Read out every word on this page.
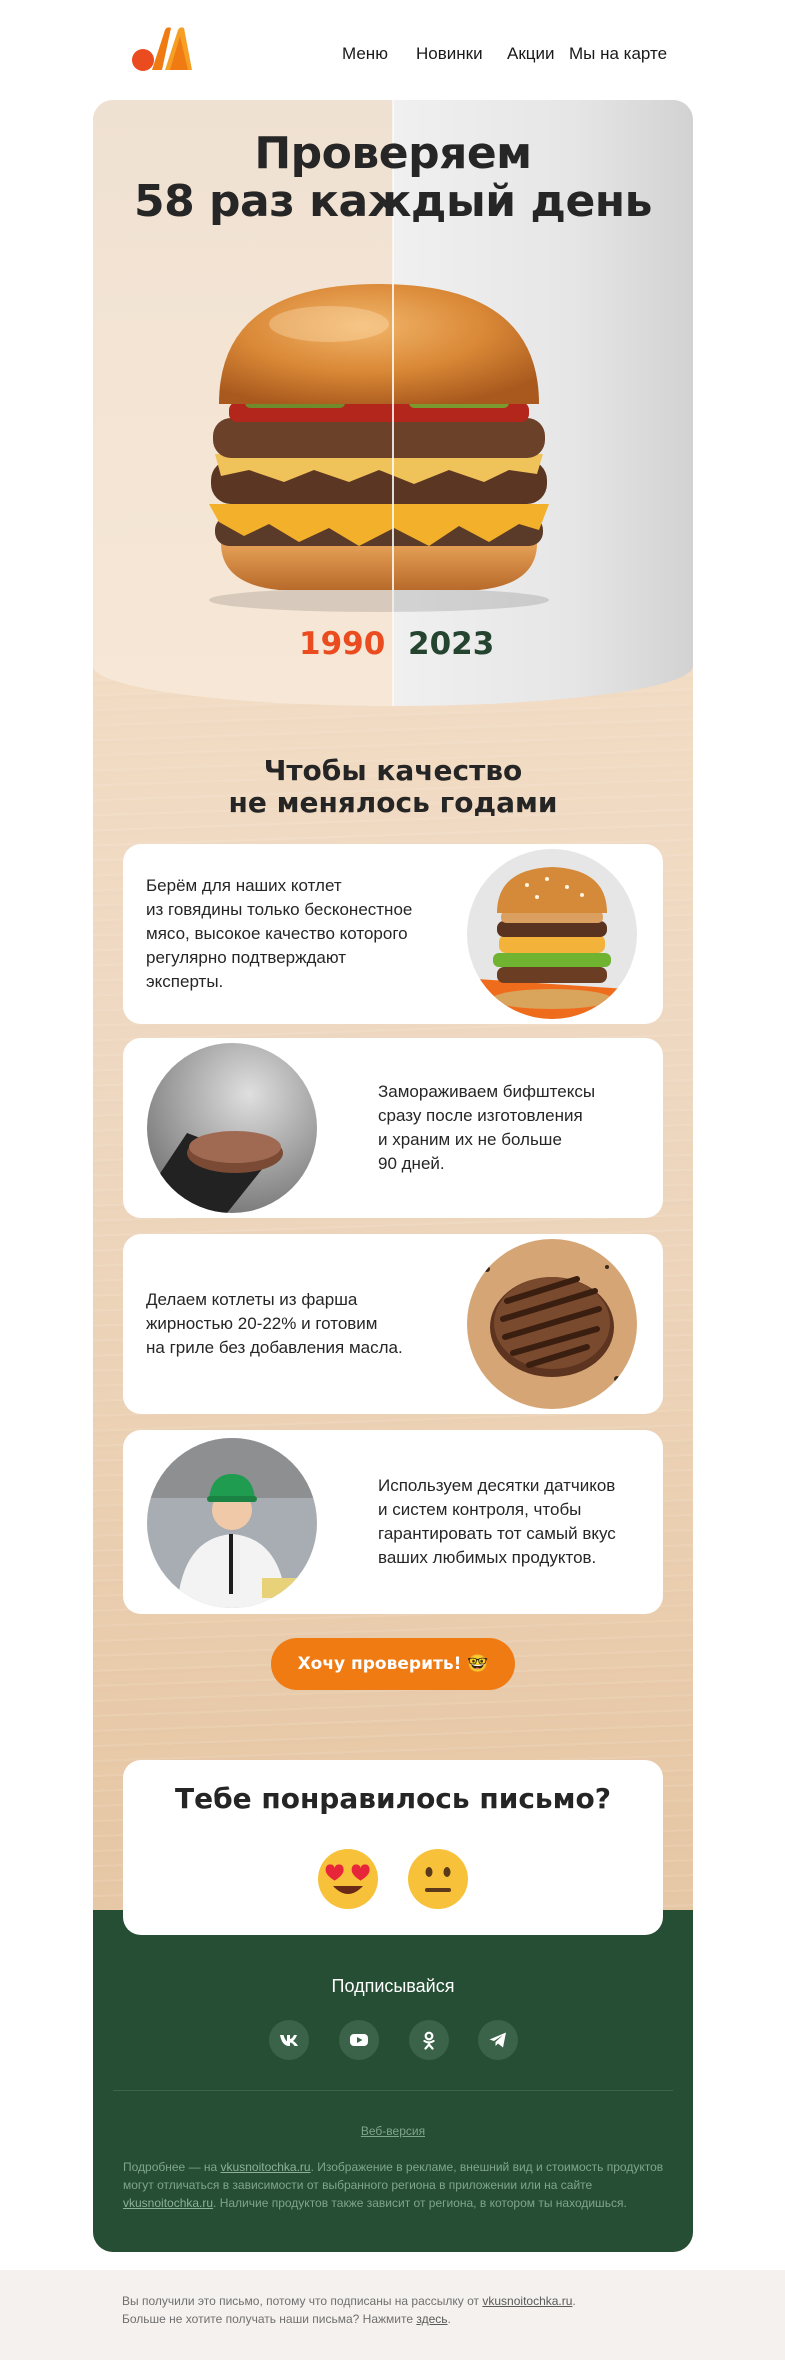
Меню Новинки Акции Мы на карте
Проверяем
58 раз каждый день
1990 2023
Чтобы качество
не менялось годами

Берём для наших котлет
из говядины только бесконестное
мясо, высокое качество которого
регулярно подтверждают
эксперты.

Замораживаем бифштексы
сразу после изготовления
и храним их не больше
90 дней.

Делаем котлеты из фарша
жирностью 20-22% и готовим
на гриле без добавления масла.

Используем десятки датчиков
и систем контроля, чтобы
гарантировать тот самый вкус
ваших любимых продуктов.

Хочу проверить! 🤓
Подписывайся
Веб-версия
Подробнее — на vkusnoitochka.ru. Изображение в рекламе, внешний вид и стоимость продуктов могут отличаться в зависимости от выбранного региона в приложении или на сайте vkusnoitochka.ru. Наличие продуктов также зависит от региона, в котором ты находишься.
Тебе понравилось письмо?

Вы получили это письмо, потому что подписаны на рассылку от vkusnoitochka.ru.

Больше не хотите получать наши письма? Нажмите здесь.
